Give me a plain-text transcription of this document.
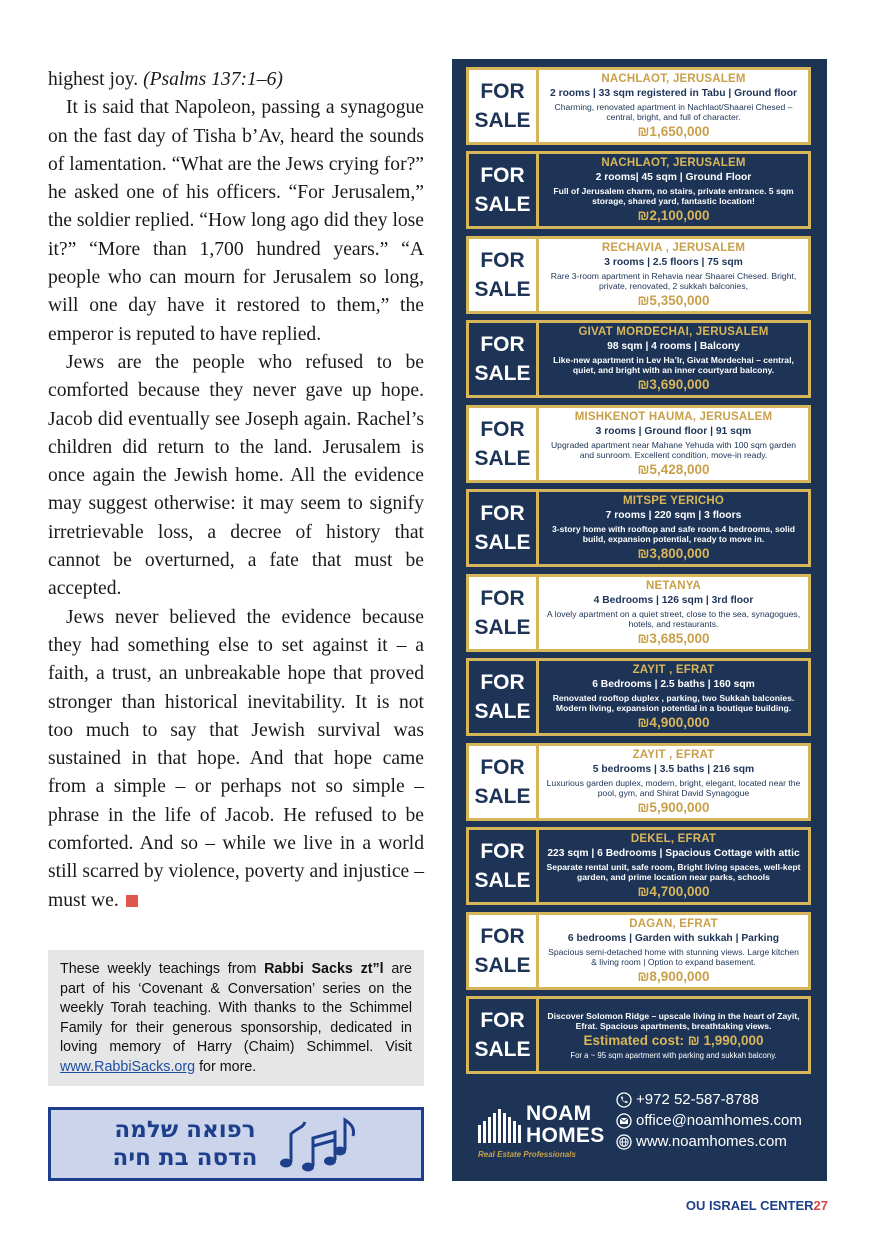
highest joy. (Psalms 137:1–6)

It is said that Napoleon, passing a synagogue on the fast day of Tisha b’Av, heard the sounds of lamentation. “What are the Jews crying for?” he asked one of his officers. “For Jerusalem,” the soldier replied. “How long ago did they lose it?” “More than 1,700 hundred years.” “A people who can mourn for Jerusalem so long, will one day have it restored to them,” the emperor is reputed to have replied.

Jews are the people who refused to be comforted because they never gave up hope. Jacob did eventually see Joseph again. Rachel’s children did return to the land. Jerusalem is once again the Jewish home. All the evidence may suggest otherwise: it may seem to signify irretrievable loss, a decree of history that cannot be overturned, a fate that must be accepted.

Jews never believed the evidence because they had something else to set against it – a faith, a trust, an unbreakable hope that proved stronger than historical inevitability. It is not too much to say that Jewish survival was sustained in that hope. And that hope came from a simple – or perhaps not so simple – phrase in the life of Jacob. He refused to be comforted. And so – while we live in a world still scarred by violence, poverty and injustice – must we.

These weekly teachings from Rabbi Sacks zt”l are part of his ‘Covenant & Conversation’ series on the weekly Torah teaching. With thanks to the Schimmel Family for their generous sponsorship, dedicated in loving memory of Harry (Chaim) Schimmel. Visit www.RabbiSacks.org for more.
רפואה שלמה
הדסה בת חיה
FOR
SALE
NACHLAOT, JERUSALEM
2 rooms | 33 sqm registered in Tabu | Ground floor
Charming, renovated apartment in Nachlaot/Shaarei Chesed – central, bright, and full of character.
₪1,650,000
FOR
SALE
NACHLAOT, JERUSALEM
2 rooms| 45 sqm | Ground Floor
Full of Jerusalem charm, no stairs, private entrance. 5 sqm storage, shared yard, fantastic location!
₪2,100,000
FOR
SALE
RECHAVIA , JERUSALEM
3 rooms | 2.5 floors | 75 sqm
Rare 3-room apartment in Rehavia near Shaarei Chesed. Bright, private, renovated, 2 sukkah balconies,
₪5,350,000
FOR
SALE
GIVAT MORDECHAI, JERUSALEM
98 sqm | 4 rooms | Balcony
Like-new apartment in Lev Ha’Ir, Givat Mordechai – central, quiet, and bright with an inner courtyard balcony.
₪3,690,000
FOR
SALE
MISHKENOT HAUMA, JERUSALEM
3 rooms | Ground floor | 91 sqm
Upgraded apartment near Mahane Yehuda with 100 sqm garden and sunroom. Excellent condition, move-in ready.
₪5,428,000
FOR
SALE
MITSPE YERICHO
7 rooms | 220 sqm | 3 floors
3-story home with rooftop and safe room.4 bedrooms, solid build, expansion potential, ready to move in.
₪3,800,000
FOR
SALE
NETANYA
4 Bedrooms | 126 sqm | 3rd floor
A lovely apartment on a quiet street, close to the sea, synagogues, hotels, and restaurants.
₪3,685,000
FOR
SALE
ZAYIT , EFRAT
6 Bedrooms | 2.5 baths | 160 sqm
Renovated rooftop duplex , parking, two Sukkah balconies. Modern living, expansion potential in a boutique building.
₪4,900,000
FOR
SALE
ZAYIT , EFRAT
5 bedrooms | 3.5 baths | 216 sqm
Luxurious garden duplex, modern, bright, elegant, located near the pool, gym, and Shirat David Synagogue
₪5,900,000
FOR
SALE
DEKEL, EFRAT
223 sqm | 6 Bedrooms | Spacious Cottage with attic
Separate rental unit, safe room, Bright living spaces, well-kept garden, and prime location near parks, schools
₪4,700,000
FOR
SALE
DAGAN, EFRAT
6 bedrooms | Garden with sukkah | Parking
Spacious semi-detached home with stunning views. Large kitchen & living room | Option to expand basement.
₪8,900,000
FOR
SALE
Discover Solomon Ridge – upscale living in the heart of Zayit, Efrat. Spacious apartments, breathtaking views.
Estimated cost: ₪ 1,990,000
For a ~ 95 sqm apartment with parking and sukkah balcony.
NOAM
HOMES
Real Estate Professionals
+972 52-587-8788
office@noamhomes.com
www.noamhomes.com
OU ISRAEL CENTER27
